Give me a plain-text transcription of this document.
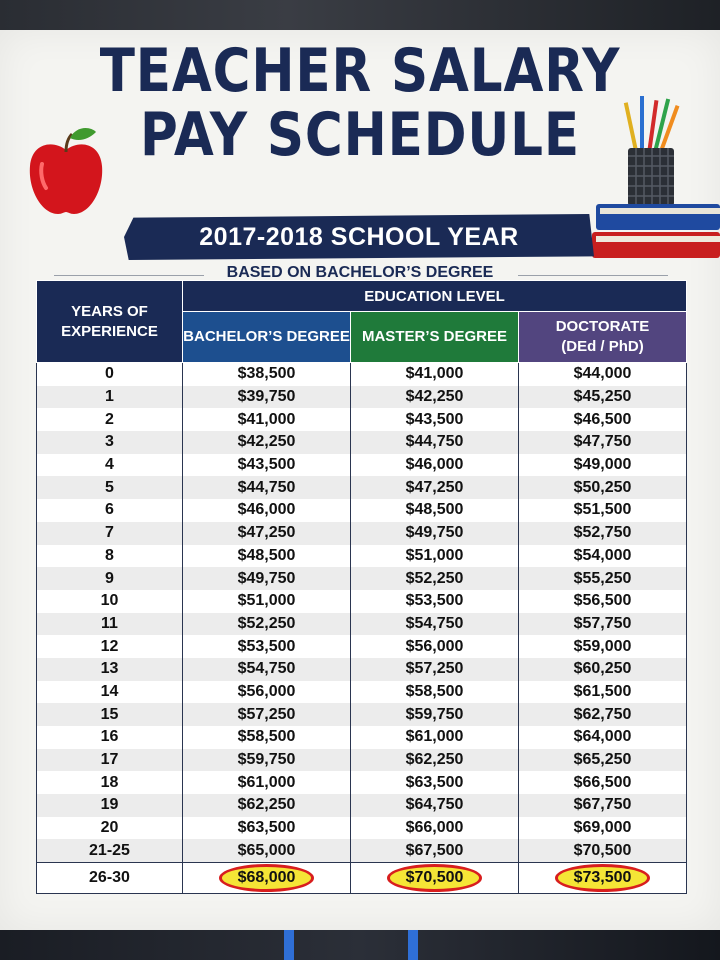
TEACHER SALARY
PAY SCHEDULE
2017-2018 SCHOOL YEAR
BASED ON BACHELOR’S DEGREE
YEARS OF EXPERIENCE	EDUCATION LEVEL		
	BACHELOR’S DEGREE	MASTER’S DEGREE	DOCTORATE
(DEd / PhD)
0	$38,500	$41,000	$44,000
1	$39,750	$42,250	$45,250
2	$41,000	$43,500	$46,500
3	$42,250	$44,750	$47,750
4	$43,500	$46,000	$49,000
5	$44,750	$47,250	$50,250
6	$46,000	$48,500	$51,500
7	$47,250	$49,750	$52,750
8	$48,500	$51,000	$54,000
9	$49,750	$52,250	$55,250
10	$51,000	$53,500	$56,500
11	$52,250	$54,750	$57,750
12	$53,500	$56,000	$59,000
13	$54,750	$57,250	$60,250
14	$56,000	$58,500	$61,500
15	$57,250	$59,750	$62,750
16	$58,500	$61,000	$64,000
17	$59,750	$62,250	$65,250
18	$61,000	$63,500	$66,500
19	$62,250	$64,750	$67,750
20	$63,500	$66,000	$69,000
21-25	$65,000	$67,500	$70,500
26-30	$68,000	$70,500	$73,500
